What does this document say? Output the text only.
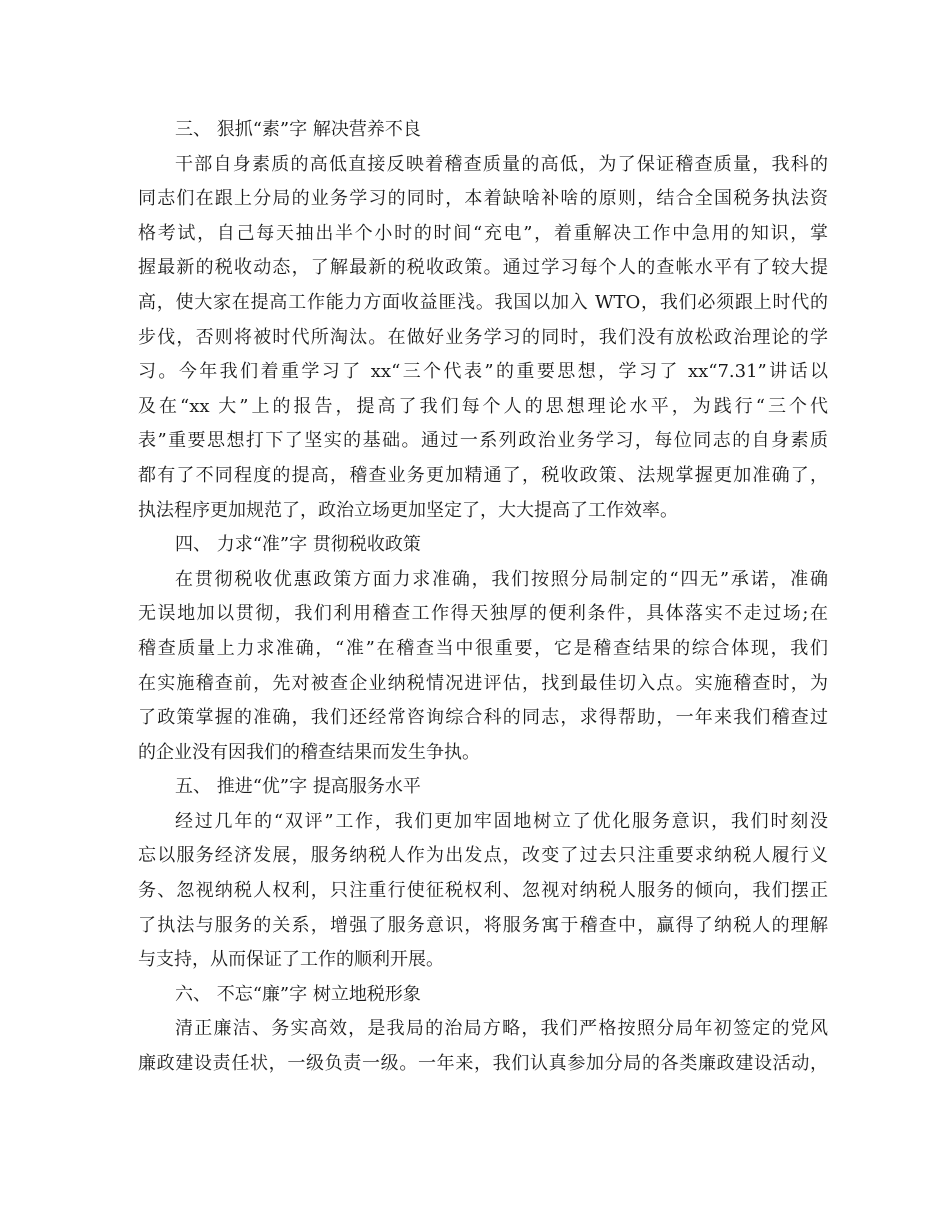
三、 狠抓“素”字 解决营养不良
干部自身素质的高低直接反映着稽查质量的高低，为了保证稽查质量，我科的
同志们在跟上分局的业务学习的同时，本着缺啥补啥的原则，结合全国税务执法资
格考试，自己每天抽出半个小时的时间“充电”，着重解决工作中急用的知识，掌
握最新的税收动态，了解最新的税收政策。通过学习每个人的查帐水平有了较大提
高，使大家在提高工作能力方面收益匪浅。我国以加入 WTO，我们必须跟上时代的
步伐，否则将被时代所淘汰。在做好业务学习的同时，我们没有放松政治理论的学
习。今年我们着重学习了 xx“三个代表”的重要思想，学习了 xx“7.31”讲话以
及在“xx 大”上的报告，提高了我们每个人的思想理论水平，为践行“三个代
表”重要思想打下了坚实的基础。通过一系列政治业务学习，每位同志的自身素质
都有了不同程度的提高，稽查业务更加精通了，税收政策、法规掌握更加准确了，
执法程序更加规范了，政治立场更加坚定了，大大提高了工作效率。
四、 力求“准”字 贯彻税收政策
在贯彻税收优惠政策方面力求准确，我们按照分局制定的“四无”承诺，准确
无误地加以贯彻，我们利用稽查工作得天独厚的便利条件，具体落实不走过场;在
稽查质量上力求准确，“准”在稽查当中很重要，它是稽查结果的综合体现，我们
在实施稽查前，先对被查企业纳税情况进评估，找到最佳切入点。实施稽查时，为
了政策掌握的准确，我们还经常咨询综合科的同志，求得帮助，一年来我们稽查过
的企业没有因我们的稽查结果而发生争执。
五、 推进“优”字 提高服务水平
经过几年的“双评”工作，我们更加牢固地树立了优化服务意识，我们时刻没
忘以服务经济发展，服务纳税人作为出发点，改变了过去只注重要求纳税人履行义
务、忽视纳税人权利，只注重行使征税权利、忽视对纳税人服务的倾向，我们摆正
了执法与服务的关系，增强了服务意识，将服务寓于稽查中，赢得了纳税人的理解
与支持，从而保证了工作的顺利开展。
六、 不忘“廉”字 树立地税形象
清正廉洁、务实高效，是我局的治局方略，我们严格按照分局年初签定的党风
廉政建设责任状，一级负责一级。一年来，我们认真参加分局的各类廉政建设活动，
